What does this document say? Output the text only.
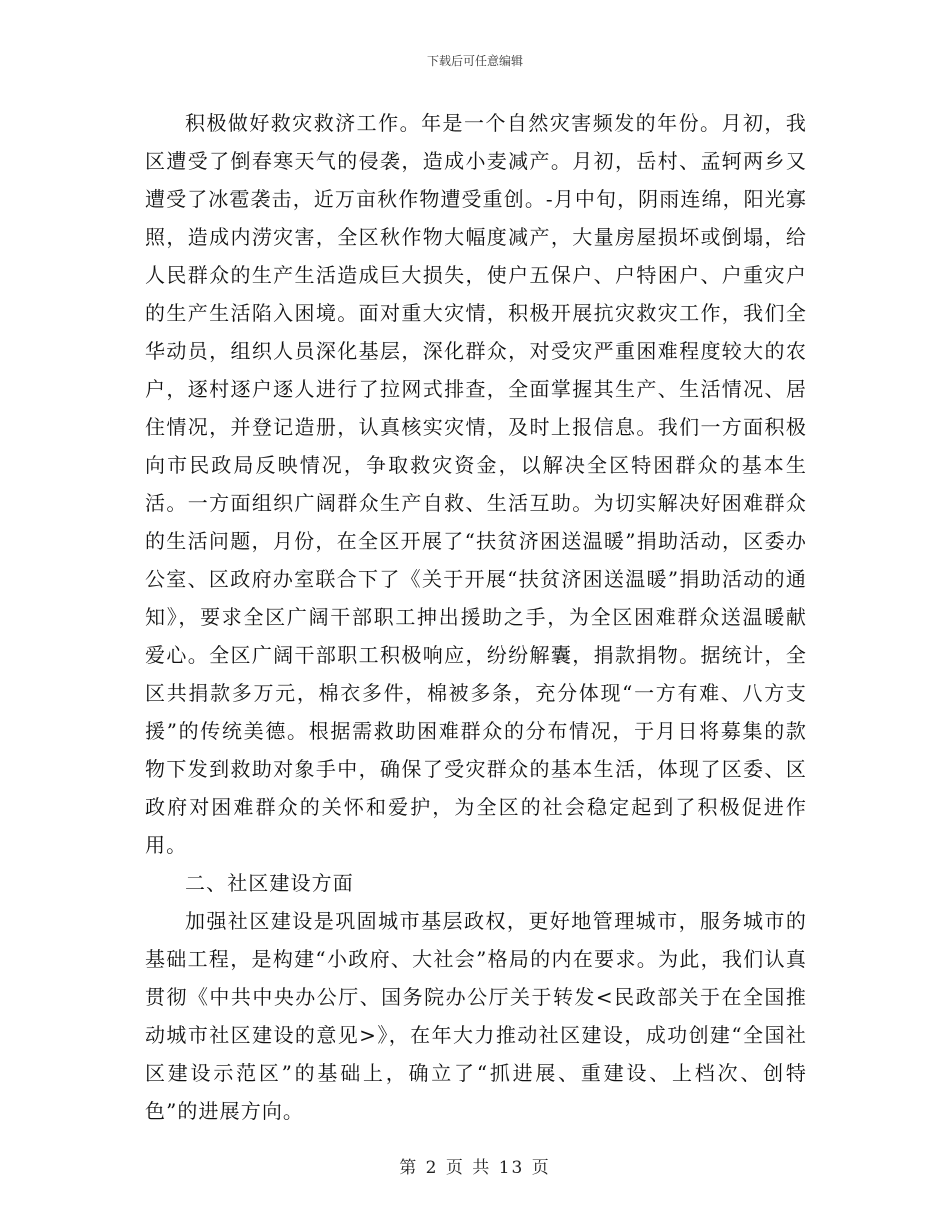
下载后可任意编辑

积极做好救灾救济工作。年是一个自然灾害频发的年份。月初，我区遭受了倒春寒天气的侵袭，造成小麦减产。月初，岳村、孟轲两乡又遭受了冰雹袭击，近万亩秋作物遭受重创。-月中旬，阴雨连绵，阳光寡照，造成内涝灾害，全区秋作物大幅度减产，大量房屋损坏或倒塌，给人民群众的生产生活造成巨大损失，使户五保户、户特困户、户重灾户的生产生活陷入困境。面对重大灾情，积极开展抗灾救灾工作，我们全华动员，组织人员深化基层，深化群众，对受灾严重困难程度较大的农户，逐村逐户逐人进行了拉网式排查，全面掌握其生产、生活情况、居住情况，并登记造册，认真核实灾情，及时上报信息。我们一方面积极向市民政局反映情况，争取救灾资金，以解决全区特困群众的基本生活。一方面组织广阔群众生产自救、生活互助。为切实解决好困难群众的生活问题，月份，在全区开展了“扶贫济困送温暖”捐助活动，区委办公室、区政府办室联合下了《关于开展“扶贫济困送温暖”捐助活动的通知》，要求全区广阔干部职工抻出援助之手，为全区困难群众送温暖献爱心。全区广阔干部职工积极响应，纷纷解囊，捐款捐物。据统计，全区共捐款多万元，棉衣多件，棉被多条，充分体现“一方有难、八方支援”的传统美德。根据需救助困难群众的分布情况，于月日将募集的款物下发到救助对象手中，确保了受灾群众的基本生活，体现了区委、区政府对困难群众的关怀和爱护，为全区的社会稳定起到了积极促进作用。

二、社区建设方面

加强社区建设是巩固城市基层政权，更好地管理城市，服务城市的基础工程，是构建“小政府、大社会”格局的内在要求。为此，我们认真贯彻《中共中央办公厅、国务院办公厅关于转发<民政部关于在全国推动城市社区建设的意见>》，在年大力推动社区建设，成功创建“全国社区建设示范区”的基础上，确立了“抓进展、重建设、上档次、创特色”的进展方向。

第 2 页 共 13 页
